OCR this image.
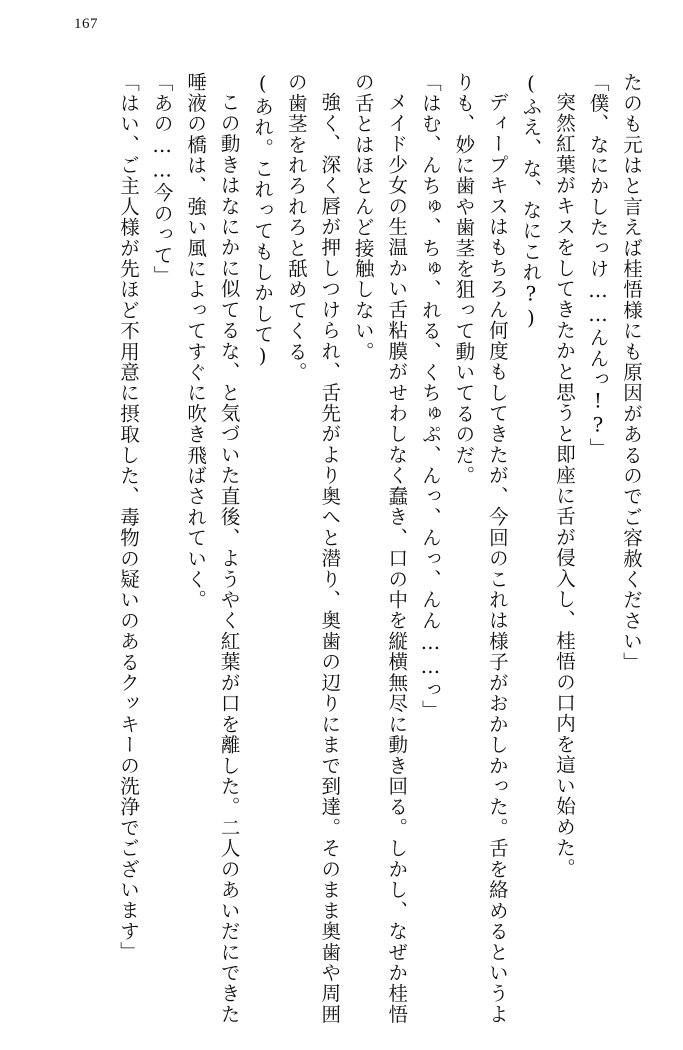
167

たのも元はと言えば桂悟様にも原因があるのでご容赦ください」

「僕、なにかしたっけ……んんっ!?」

突然紅葉がキスをしてきたかと思うと即座に舌が侵入し、桂悟の口内を這い始めた。

(ふえ、な、なにこれ?)

ディープキスはもちろん何度もしてきたが、今回のこれは様子がおかしかった。舌を絡めるというよりも、妙に歯や歯茎を狙って動いてるのだ。

「はむ、んちゅ、ちゅ、れる、くちゅぷ、んっ、んっ、んん……っ」

メイド少女の生温かい舌粘膜がせわしなく蠢き、口の中を縦横無尽に動き回る。しかし、なぜか桂悟の舌とはほとんど接触しない。

強く、深く唇が押しつけられ、舌先がより奥へと潜り、奥歯の辺りにまで到達。そのまま奥歯や周囲の歯茎をれろれろと舐めてくる。

(あれ。これってもしかして)

この動きはなにかに似てるな、と気づいた直後、ようやく紅葉が口を離した。二人のあいだにできた唾液の橋は、強い風によってすぐに吹き飛ばされていく。

「あの……今のって」

「はい、ご主人様が先ほど不用意に摂取した、毒物の疑いのあるクッキーの洗浄でございます」
